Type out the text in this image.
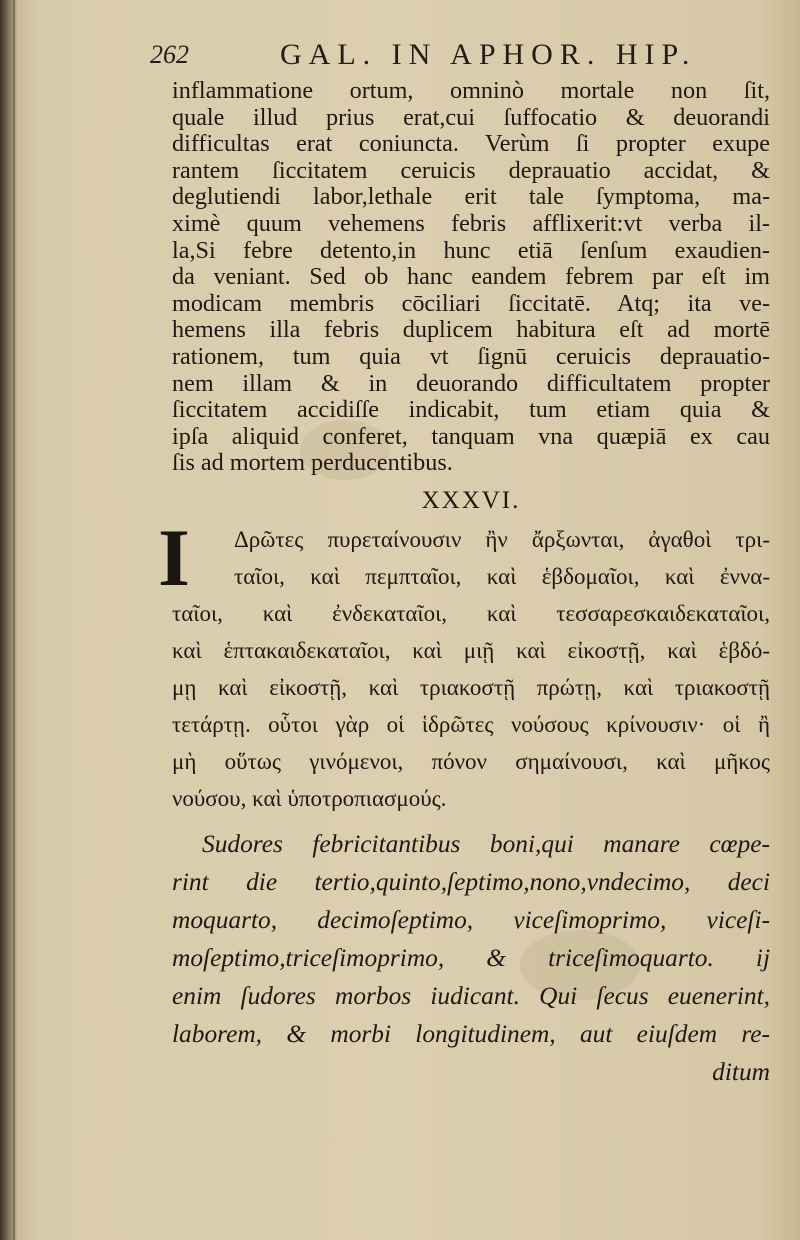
262	GAL. IN APHOR. HIP.
inflammatione ortum, omninò mortale non ſit,
quale illud prius erat,cui ſuffocatio & deuorandi
difficultas erat coniuncta. Verùm ſi propter exupe
rantem ſiccitatem ceruicis deprauatio accidat, &
deglutiendi labor,lethale erit tale ſymptoma, ma-
ximè quum vehemens febris afflixerit:vt verba il-
la,Si febre detento,in hunc etiā ſenſum exaudien-
da veniant. Sed ob hanc eandem febrem par eſt im
modicam membris cōciliari ſiccitatē. Atq; ita ve-
hemens illa febris duplicem habitura eſt ad mortē
rationem, tum quia vt ſignū ceruicis deprauatio-
nem illam & in deuorando difficultatem propter
ſiccitatem accidiſſe indicabit, tum etiam quia &
ipſa aliquid conferet, tanquam vna quæpiā ex cau
ſis ad mortem perducentibus.
XXXVI.
I	Δρῶτες πυρεταίνουσιν ἢν ἄρξωνται, ἀγαθοὶ τρι-
ταῖοι, καὶ πεμπταῖοι, καὶ ἑβδομαῖοι, καὶ ἐννα-
ταῖοι, καὶ ἐνδεκαταῖοι, καὶ τεσσαρεσκαιδεκαταῖοι,
καὶ ἑπτακαιδεκαταῖοι, καὶ μιῇ καὶ εἰκοστῇ, καὶ ἑβδό-
μῃ καὶ εἰκοστῇ, καὶ τριακοστῇ πρώτῃ, καὶ τριακοστῇ
τετάρτῃ. οὗτοι γὰρ οἱ ἱδρῶτες νούσους κρίνουσιν· οἱ ἢ
μὴ οὕτως γινόμενοι, πόνον σημαίνουσι, καὶ μῆκος
νούσου, καὶ ὑποτροπιασμούς.
Sudores febricitantibus boni,qui manare cœpe-
rint die tertio,quinto,ſeptimo,nono,vndecimo, deci
moquarto, decimoſeptimo, viceſimoprimo, viceſi-
moſeptimo,triceſimoprimo, & triceſimoquarto. ij
enim ſudores morbos iudicant. Qui ſecus euenerint,
laborem, & morbi longitudinem, aut eiuſdem re-
ditum
